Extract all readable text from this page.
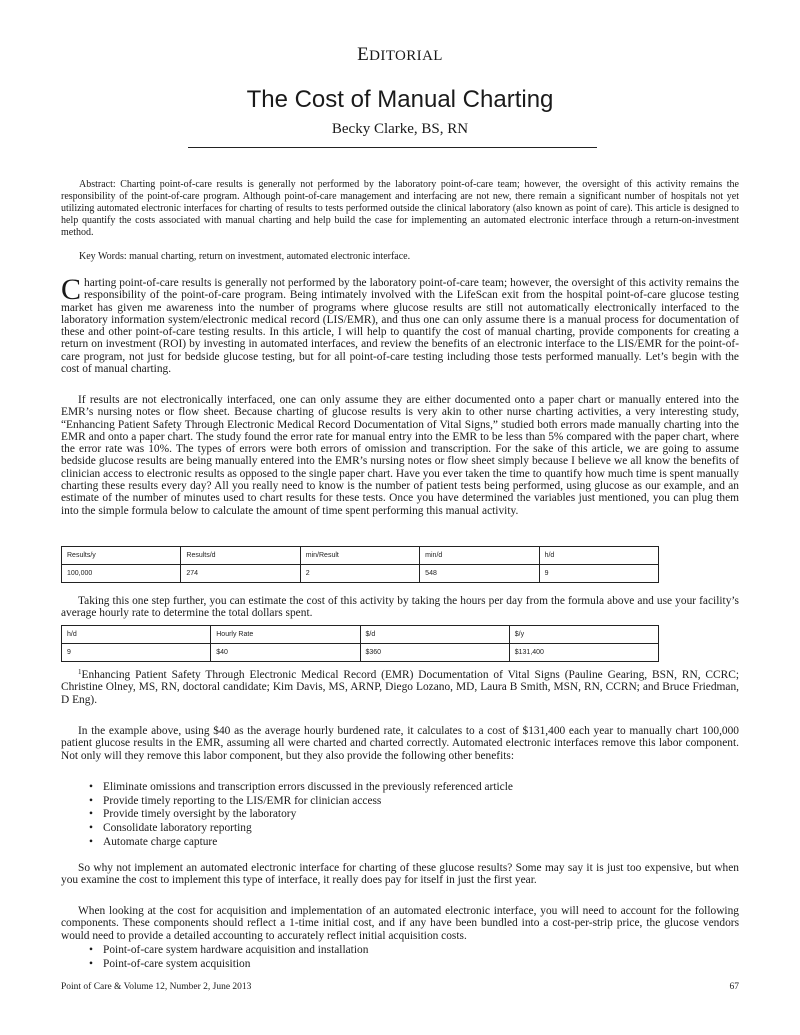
EDITORIAL
The Cost of Manual Charting
Becky Clarke, BS, RN

Abstract: Charting point-of-care results is generally not performed by the laboratory point-of-care team; however, the oversight of this activity remains the responsibility of the point-of-care program. Although point-of-care management and interfacing are not new, there remain a significant number of hospitals not yet utilizing automated electronic interfaces for charting of results to tests performed outside the clinical laboratory (also known as point of care). This article is designed to help quantify the costs associated with manual charting and help build the case for implementing an automated electronic interface through a return-on-investment method.

Key Words: manual charting, return on investment, automated electronic interface.

Charting point-of-care results is generally not performed by the laboratory point-of-care team; however, the oversight of this activity remains the responsibility of the point-of-care program. Being intimately involved with the LifeScan exit from the hospital point-of-care glucose testing market has given me awareness into the number of programs where glucose results are still not automatically electronically interfaced to the laboratory information system/electronic medical record (LIS/EMR), and thus one can only assume there is a manual process for documentation of these and other point-of-care testing results. In this article, I will help to quantify the cost of manual charting, provide components for creating a return on investment (ROI) by investing in automated interfaces, and review the benefits of an electronic interface to the LIS/EMR for the point-of-care program, not just for bedside glucose testing, but for all point-of-care testing including those tests performed manually. Let’s begin with the cost of manual charting.

If results are not electronically interfaced, one can only assume they are either documented onto a paper chart or manually entered into the EMR’s nursing notes or flow sheet. Because charting of glucose results is very akin to other nurse charting activities, a very interesting study, “Enhancing Patient Safety Through Electronic Medical Record Documentation of Vital Signs,” studied both errors made manually charting into the EMR and onto a paper chart. The study found the error rate for manual entry into the EMR to be less than 5% compared with the paper chart, where the error rate was 10%. The types of errors were both errors of omission and transcription. For the sake of this article, we are going to assume bedside glucose results are being manually entered into the EMR’s nursing notes or flow sheet simply because I believe we all know the benefits of clinician access to electronic results as opposed to the single paper chart. Have you ever taken the time to quantify how much time is spent manually charting these results every day? All you really need to know is the number of patient tests being performed, using glucose as our example, and an estimate of the number of minutes used to chart results for these tests. Once you have determined the variables just mentioned, you can plug them into the simple formula below to calculate the amount of time spent performing this manual activity.

Results/y	Results/d	min/Result	min/d	h/d
100,000	274	2	548	9

Taking this one step further, you can estimate the cost of this activity by taking the hours per day from the formula above and use your facility’s average hourly rate to determine the total dollars spent.

h/d	Hourly Rate	$/d	$/y
9	$40	$360	$131,400

$^1$Enhancing Patient Safety Through Electronic Medical Record (EMR) Documentation of Vital Signs (Pauline Gearing, BSN, RN, CCRC; Christine Olney, MS, RN, doctoral candidate; Kim Davis, MS, ARNP, Diego Lozano, MD, Laura B Smith, MSN, RN, CCRN; and Bruce Friedman, D Eng).

In the example above, using $40 as the average hourly burdened rate, it calculates to a cost of $131,400 each year to manually chart 100,000 patient glucose results in the EMR, assuming all were charted and charted correctly. Automated electronic interfaces remove this labor component. Not only will they remove this labor component, but they also provide the following other benefits:

• Eliminate omissions and transcription errors discussed in the previously referenced article
• Provide timely reporting to the LIS/EMR for clinician access
• Provide timely oversight by the laboratory
• Consolidate laboratory reporting
• Automate charge capture

So why not implement an automated electronic interface for charting of these glucose results? Some may say it is just too expensive, but when you examine the cost to implement this type of interface, it really does pay for itself in just the first year.

When looking at the cost for acquisition and implementation of an automated electronic interface, you will need to account for the following components. These components should reflect a 1-time initial cost, and if any have been bundled into a cost-per-strip price, the glucose vendors would need to provide a detailed accounting to accurately reflect initial acquisition costs.

• Point-of-care system hardware acquisition and installation
• Point-of-care system acquisition
Point of Care & Volume 12, Number 2, June 2013	67
